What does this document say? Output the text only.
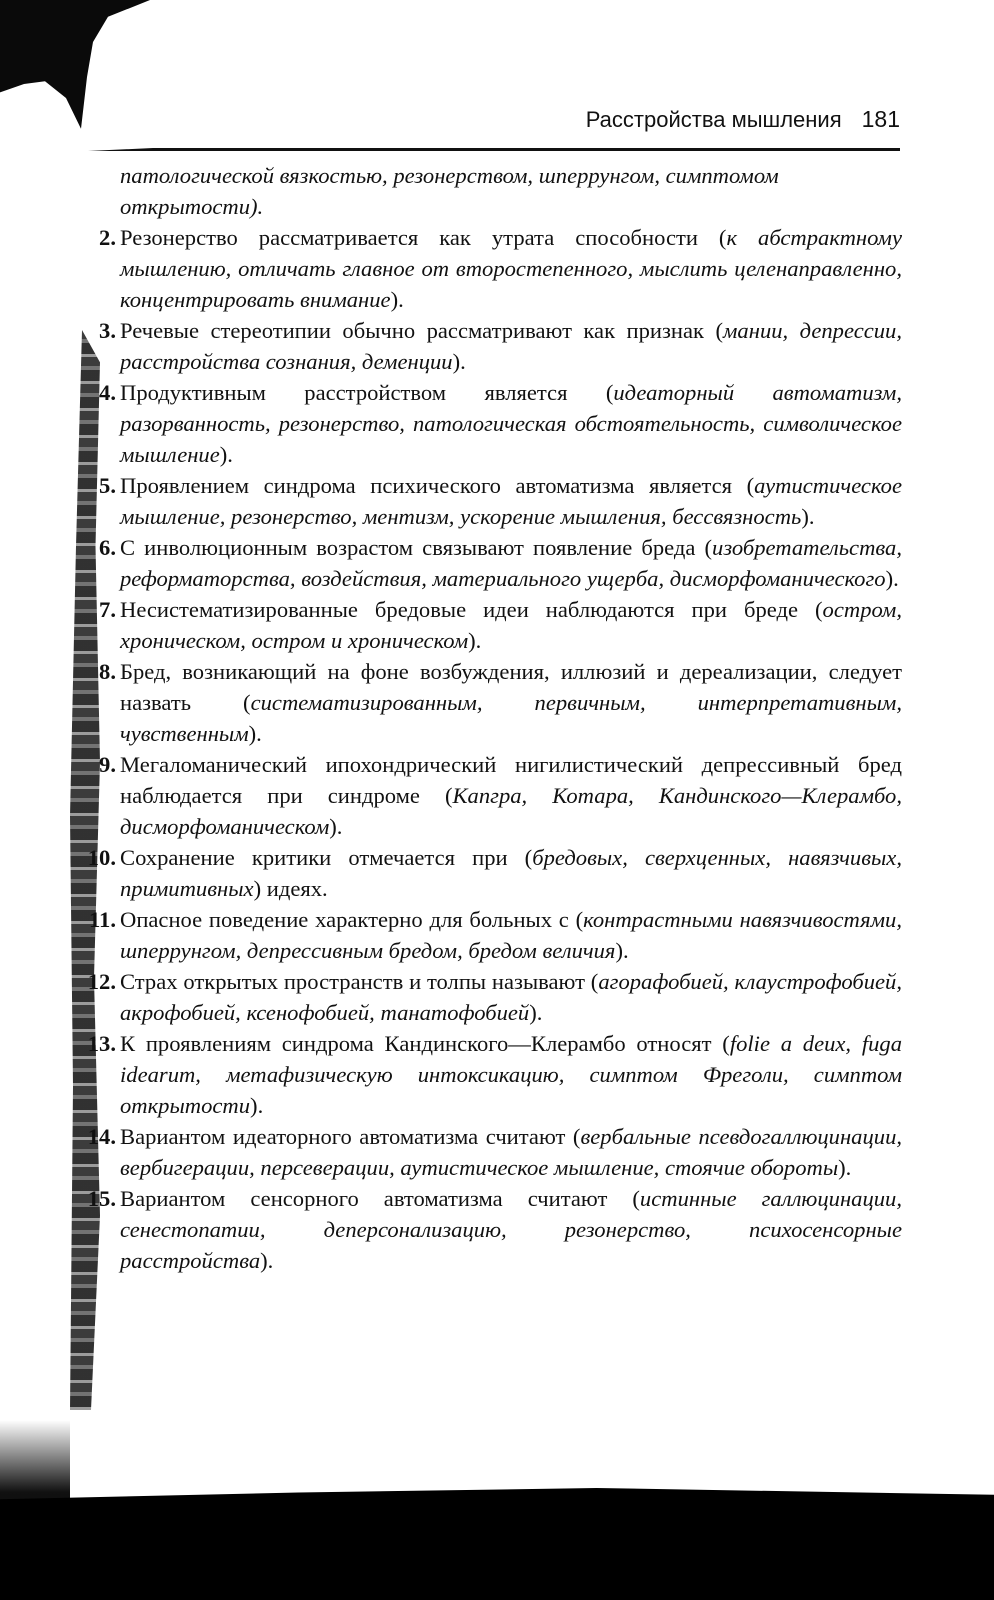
Расстройства мышления 181
патологической вязкостью, резонерством, шперрунгом, симптомом открытости).
2. Резонерство рассматривается как утрата способности (к абстрактному мышлению, отличать главное от второстепенного, мыслить целенаправленно, концентрировать внимание).
3. Речевые стереотипии обычно рассматривают как признак (мании, депрессии, расстройства сознания, деменции).
4. Продуктивным расстройством является (идеаторный автоматизм, разорванность, резонерство, патологическая обстоятельность, символическое мышление).
5. Проявлением синдрома психического автоматизма является (аутистическое мышление, резонерство, ментизм, ускорение мышления, бессвязность).
6. С инволюционным возрастом связывают появление бреда (изобретательства, реформаторства, воздействия, материального ущерба, дисморфоманического).
7. Несистематизированные бредовые идеи наблюдаются при бреде (остром, хроническом, остром и хроническом).
8. Бред, возникающий на фоне возбуждения, иллюзий и дереализации, следует назвать (систематизированным, первичным, интерпретативным, чувственным).
9. Мегаломанический ипохондрический нигилистический депрессивный бред наблюдается при синдроме (Капгра, Котара, Кандинского—Клерамбо, дисморфоманическом).
10. Сохранение критики отмечается при (бредовых, сверхценных, навязчивых, примитивных) идеях.
11. Опасное поведение характерно для больных с (контрастными навязчивостями, шперрунгом, депрессивным бредом, бредом величия).
12. Страх открытых пространств и толпы называют (агорафобией, клаустрофобией, акрофобией, ксенофобией, танатофобией).
13. К проявлениям синдрома Кандинского—Клерамбо относят (folie a deux, fuga idearum, метафизическую интоксикацию, симптом Фреголи, симптом открытости).
14. Вариантом идеаторного автоматизма считают (вербальные псевдогаллюцинации, вербигерации, персеверации, аутистическое мышление, стоячие обороты).
15. Вариантом сенсорного автоматизма считают (истинные галлюцинации, сенестопатии, деперсонализацию, резонерство, психосенсорные расстройства).
